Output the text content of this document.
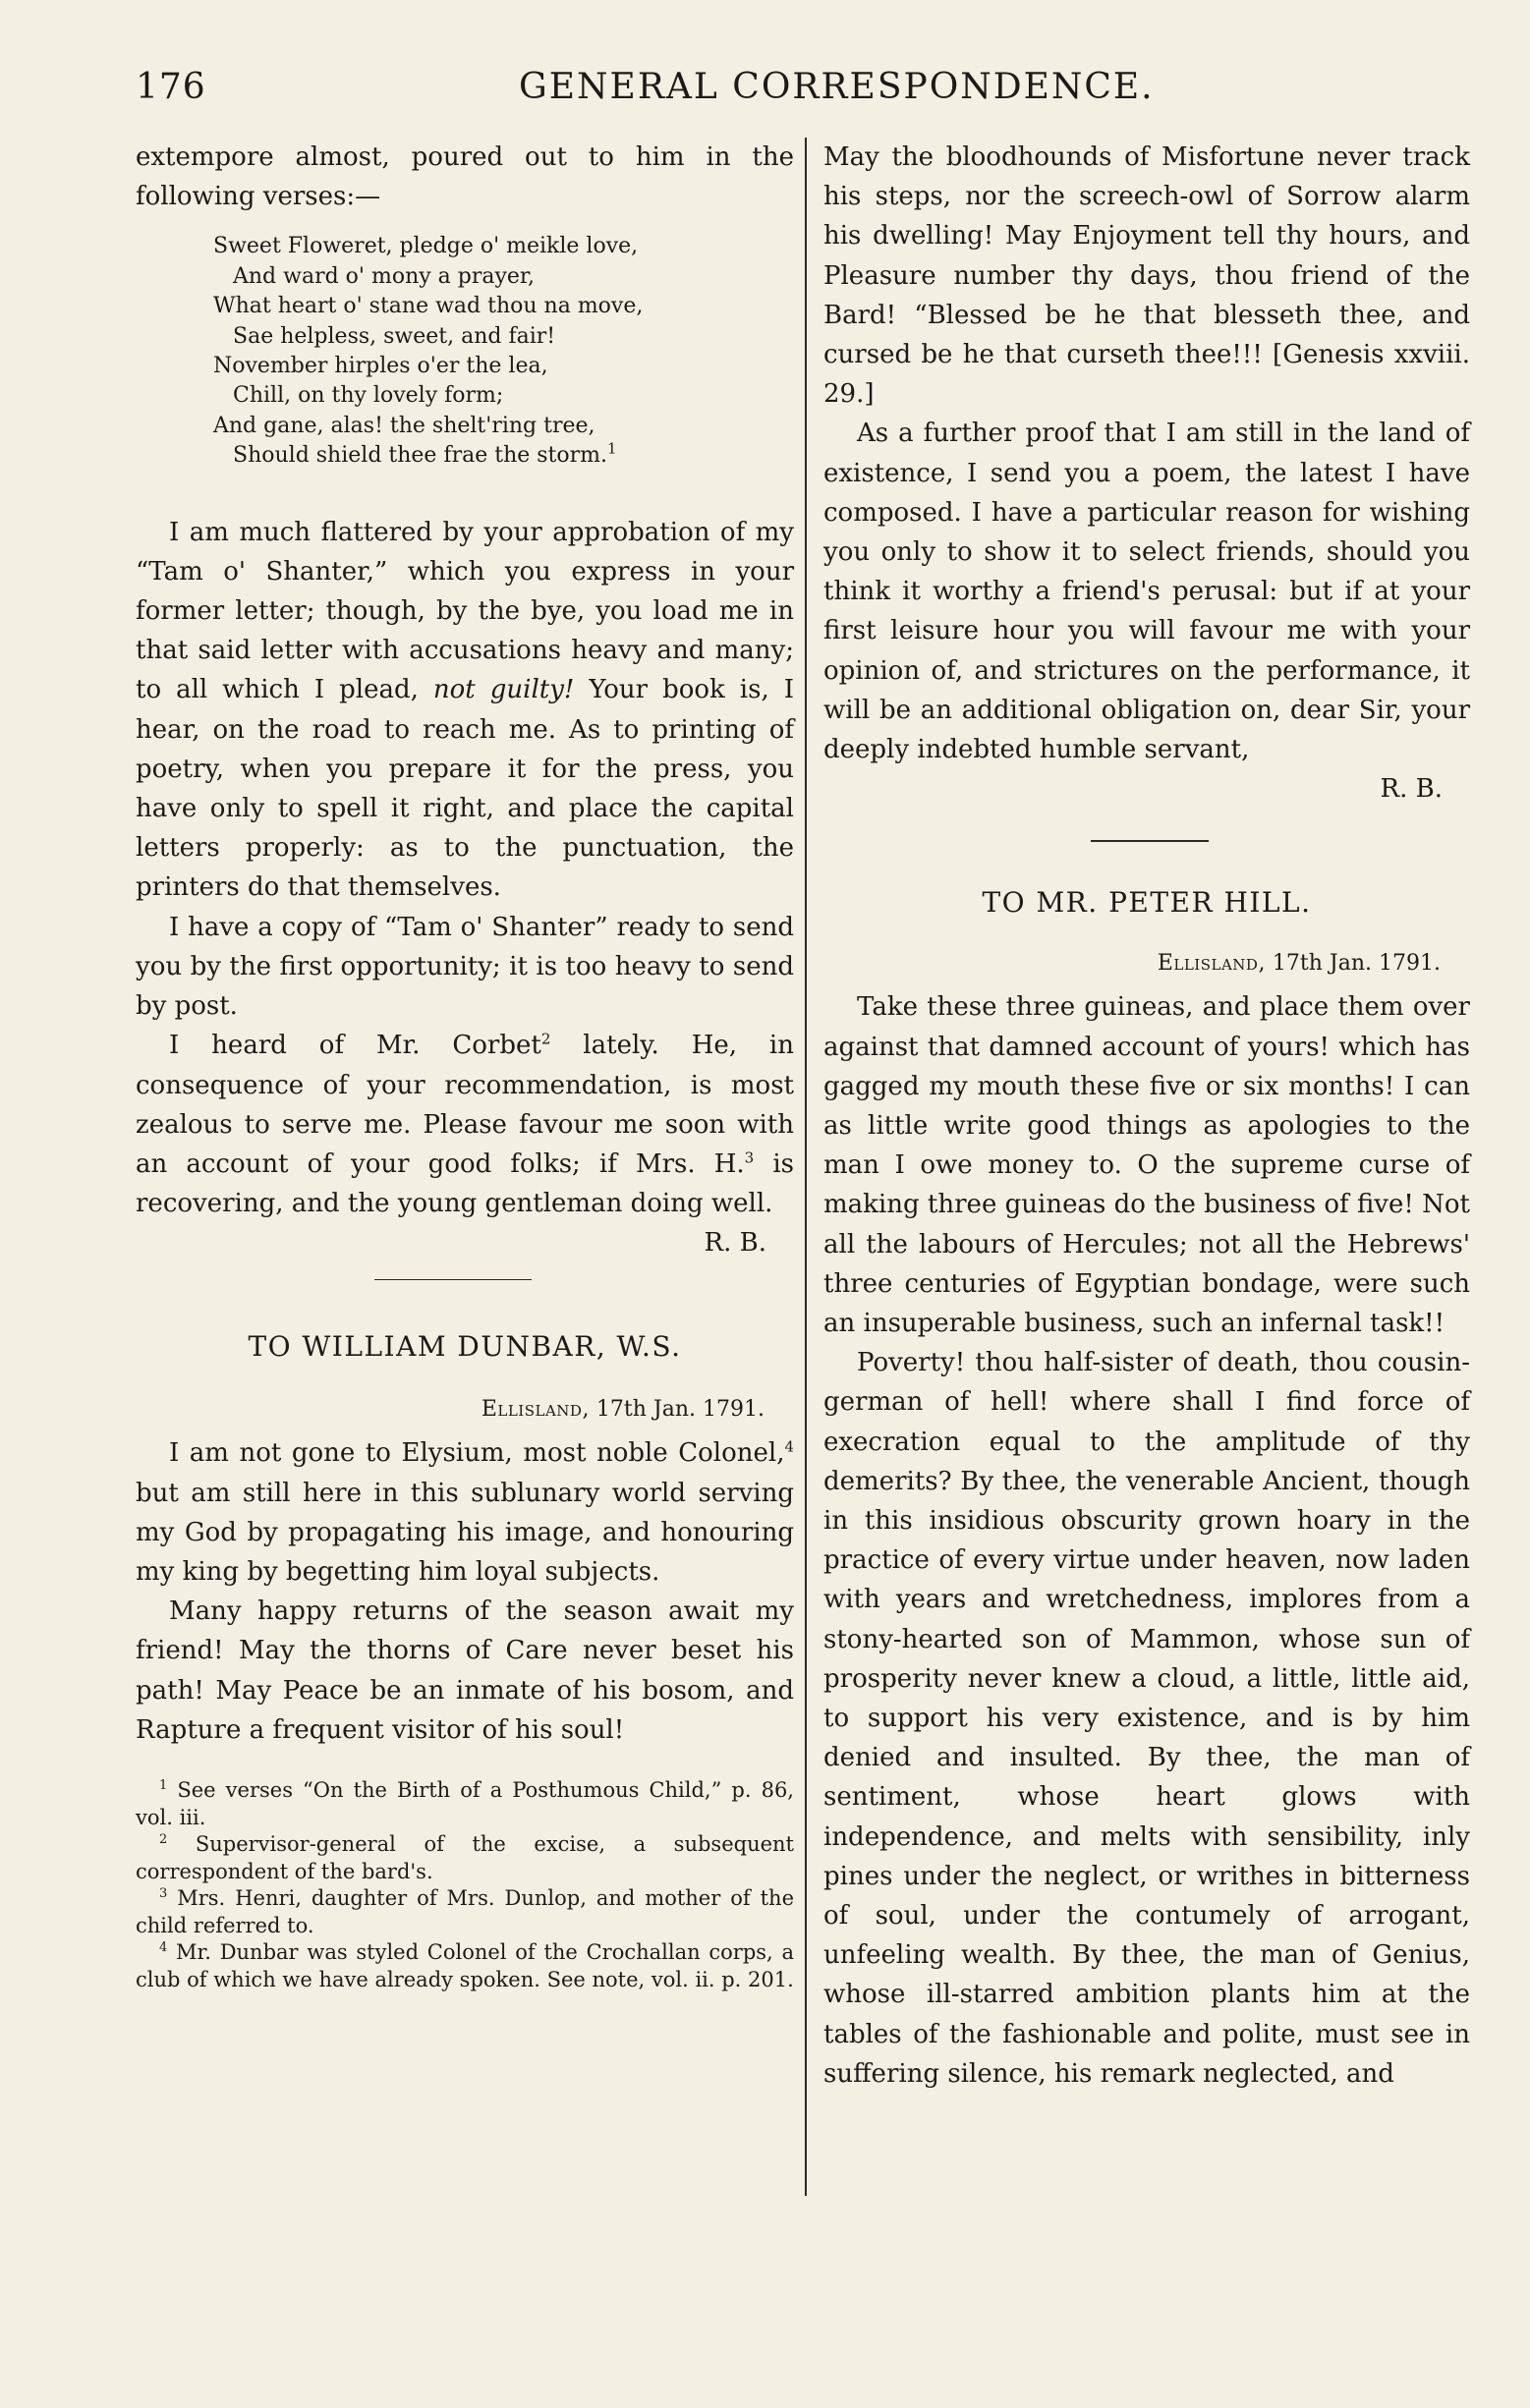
176	GENERAL CORRESPONDENCE.

extempore almost, poured out to him in the following verses:—

Sweet Floweret, pledge o' meikle love,
And ward o' mony a prayer,
What heart o' stane wad thou na move,
Sae helpless, sweet, and fair!
November hirples o'er the lea,
Chill, on thy lovely form;
And gane, alas! the shelt'ring tree,
Should shield thee frae the storm.$^1$

I am much flattered by your approbation of my “Tam o' Shanter,” which you express in your former letter; though, by the bye, you load me in that said letter with accusations heavy and many; to all which I plead, not guilty! Your book is, I hear, on the road to reach me. As to printing of poetry, when you prepare it for the press, you have only to spell it right, and place the capital letters properly: as to the punctuation, the printers do that themselves.

I have a copy of “Tam o' Shanter” ready to send you by the first opportunity; it is too heavy to send by post.

I heard of Mr. Corbet$^2$ lately. He, in consequence of your recommendation, is most zealous to serve me. Please favour me soon with an account of your good folks; if Mrs. H.$^3$ is recovering, and the young gentleman doing well.

R. B.

TO WILLIAM DUNBAR, W.S.
Ellisland, 17th Jan. 1791.

I am not gone to Elysium, most noble Colonel,$^4$ but am still here in this sublunary world serving my God by propagating his image, and honouring my king by begetting him loyal subjects.

Many happy returns of the season await my friend! May the thorns of Care never beset his path! May Peace be an inmate of his bosom, and Rapture a frequent visitor of his soul!

$^1$ See verses “On the Birth of a Posthumous Child,” p. 86, vol. iii.
$^2$ Supervisor-general of the excise, a subsequent correspondent of the bard's.
$^3$ Mrs. Henri, daughter of Mrs. Dunlop, and mother of the child referred to.
$^4$ Mr. Dunbar was styled Colonel of the Crochallan corps, a club of which we have already spoken. See note, vol. ii. p. 201.

May the bloodhounds of Misfortune never track his steps, nor the screech-owl of Sorrow alarm his dwelling! May Enjoyment tell thy hours, and Pleasure number thy days, thou friend of the Bard! “Blessed be he that blesseth thee, and cursed be he that curseth thee!!! [Genesis xxviii. 29.]

As a further proof that I am still in the land of existence, I send you a poem, the latest I have composed. I have a particular reason for wishing you only to show it to select friends, should you think it worthy a friend's perusal: but if at your first leisure hour you will favour me with your opinion of, and strictures on the performance, it will be an additional obligation on, dear Sir, your deeply indebted humble servant,

R. B.

TO MR. PETER HILL.
Ellisland, 17th Jan. 1791.

Take these three guineas, and place them over against that damned account of yours! which has gagged my mouth these five or six months! I can as little write good things as apologies to the man I owe money to. O the supreme curse of making three guineas do the business of five! Not all the labours of Hercules; not all the Hebrews' three centuries of Egyptian bondage, were such an insuperable business, such an infernal task!!

Poverty! thou half-sister of death, thou cousin-german of hell! where shall I find force of execration equal to the amplitude of thy demerits? By thee, the venerable Ancient, though in this insidious obscurity grown hoary in the practice of every virtue under heaven, now laden with years and wretchedness, implores from a stony-hearted son of Mammon, whose sun of prosperity never knew a cloud, a little, little aid, to support his very existence, and is by him denied and insulted. By thee, the man of sentiment, whose heart glows with independence, and melts with sensibility, inly pines under the neglect, or writhes in bitterness of soul, under the contumely of arrogant, unfeeling wealth. By thee, the man of Genius, whose ill-starred ambition plants him at the tables of the fashionable and polite, must see in suffering silence, his remark neglected, and
